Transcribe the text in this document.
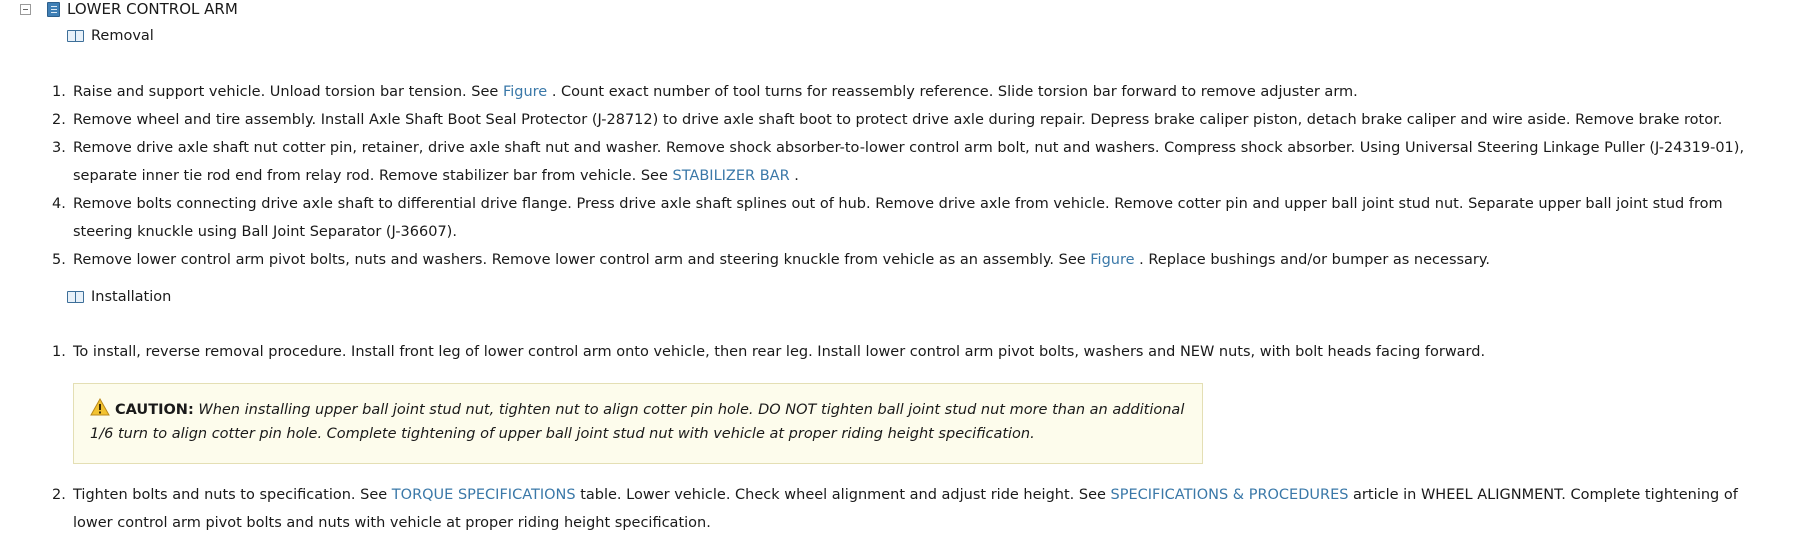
LOWER CONTROL ARM
Removal
1. Raise and support vehicle. Unload torsion bar tension. See Figure . Count exact number of tool turns for reassembly reference. Slide torsion bar forward to remove adjuster arm.
2. Remove wheel and tire assembly. Install Axle Shaft Boot Seal Protector (J-28712) to drive axle shaft boot to protect drive axle during repair. Depress brake caliper piston, detach brake caliper and wire aside. Remove brake rotor.
3. Remove drive axle shaft nut cotter pin, retainer, drive axle shaft nut and washer. Remove shock absorber-to-lower control arm bolt, nut and washers. Compress shock absorber. Using Universal Steering Linkage Puller (J-24319-01), separate inner tie rod end from relay rod. Remove stabilizer bar from vehicle. See STABILIZER BAR .
4. Remove bolts connecting drive axle shaft to differential drive flange. Press drive axle shaft splines out of hub. Remove drive axle from vehicle. Remove cotter pin and upper ball joint stud nut. Separate upper ball joint stud from steering knuckle using Ball Joint Separator (J-36607).
5. Remove lower control arm pivot bolts, nuts and washers. Remove lower control arm and steering knuckle from vehicle as an assembly. See Figure . Replace bushings and/or bumper as necessary.
Installation
1. To install, reverse removal procedure. Install front leg of lower control arm onto vehicle, then rear leg. Install lower control arm pivot bolts, washers and NEW nuts, with bolt heads facing forward.
CAUTION: When installing upper ball joint stud nut, tighten nut to align cotter pin hole. DO NOT tighten ball joint stud nut more than an additional 1/6 turn to align cotter pin hole. Complete tightening of upper ball joint stud nut with vehicle at proper riding height specification.
2. Tighten bolts and nuts to specification. See TORQUE SPECIFICATIONS table. Lower vehicle. Check wheel alignment and adjust ride height. See SPECIFICATIONS & PROCEDURES article in WHEEL ALIGNMENT. Complete tightening of lower control arm pivot bolts and nuts with vehicle at proper riding height specification.
